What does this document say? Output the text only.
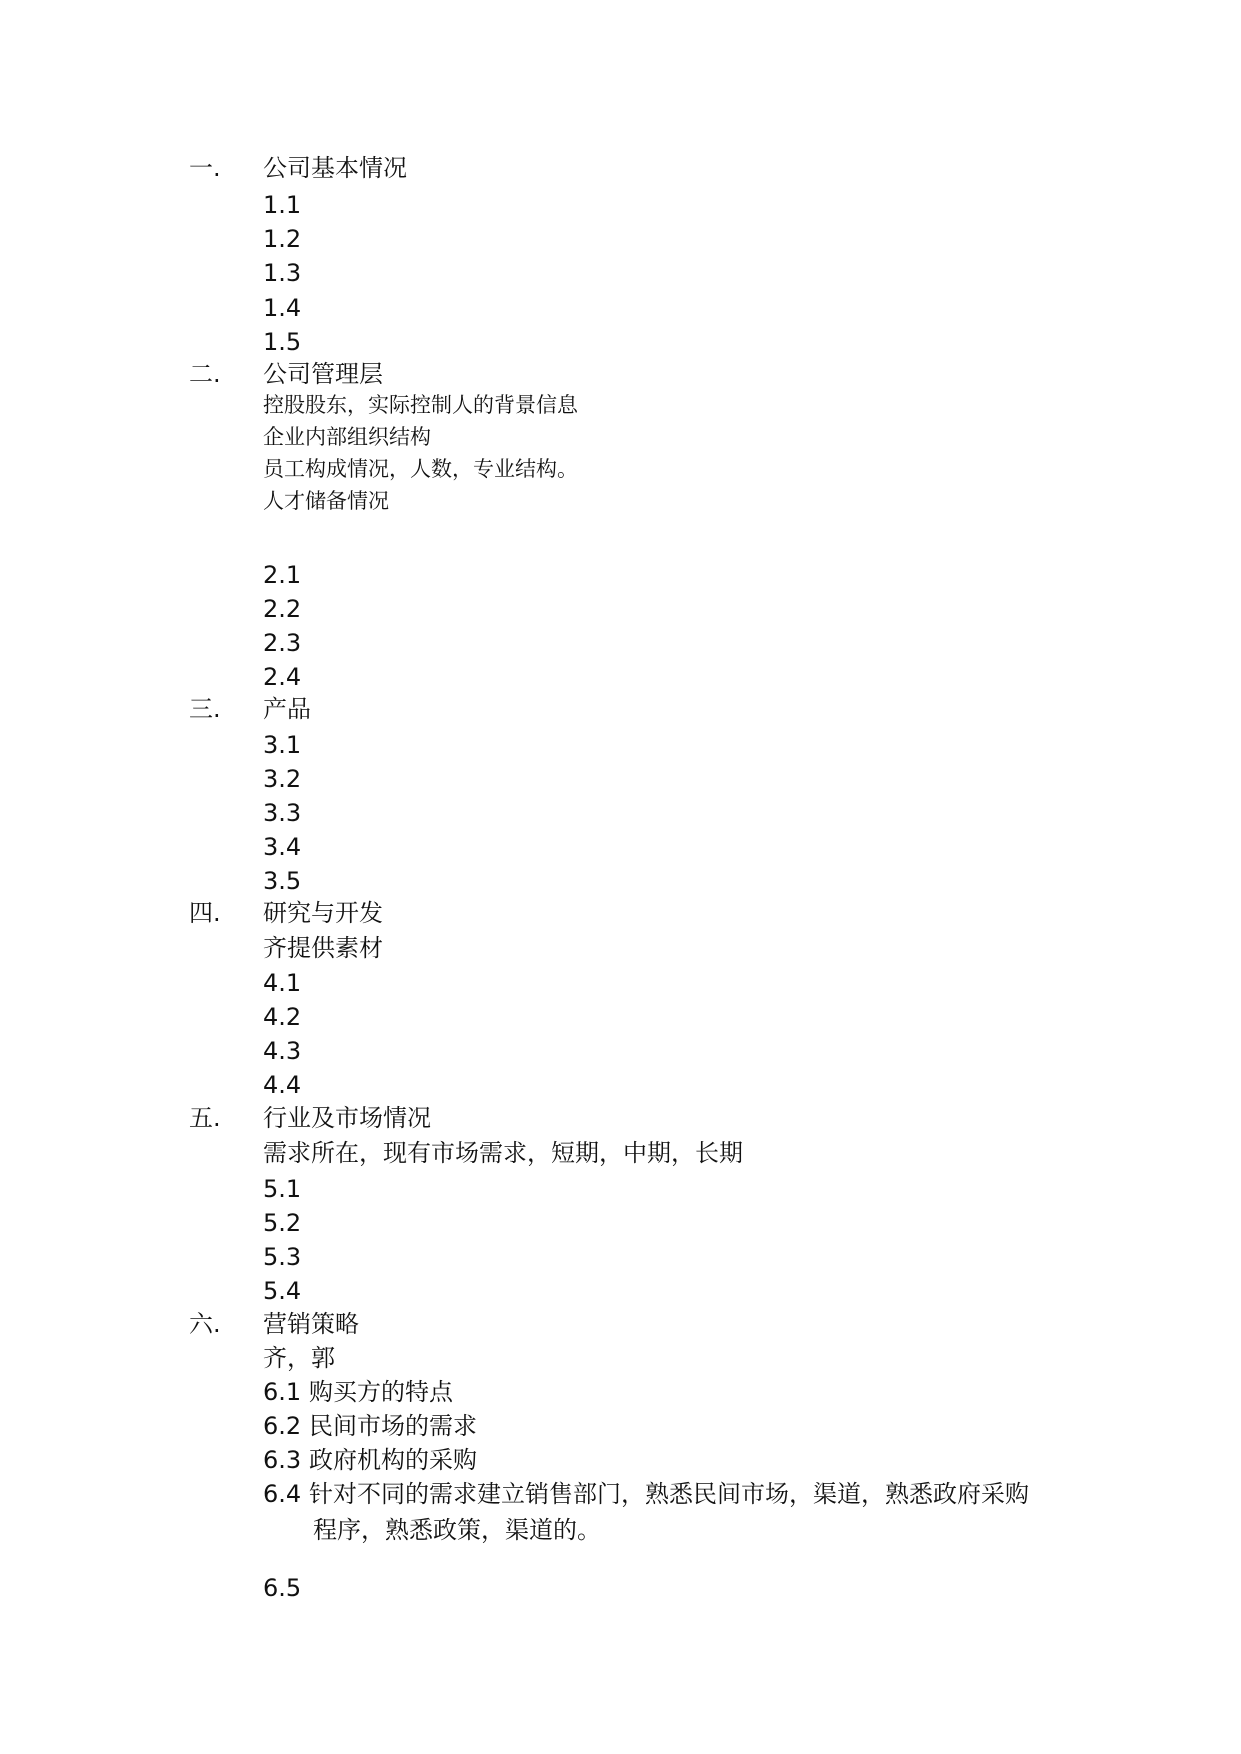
一. 公司基本情况
1.1
1.2
1.3
1.4
1.5
二. 公司管理层
控股股东，实际控制人的背景信息
企业内部组织结构
员工构成情况，人数，专业结构。
人才储备情况
2.1
2.2
2.3
2.4
三. 产品
3.1
3.2
3.3
3.4
3.5
四. 研究与开发
齐提供素材
4.1
4.2
4.3
4.4
五. 行业及市场情况
需求所在，现有市场需求，短期，中期，长期
5.1
5.2
5.3
5.4
六. 营销策略
齐，郭
6.1 购买方的特点
6.2 民间市场的需求
6.3 政府机构的采购
6.4 针对不同的需求建立销售部门，熟悉民间市场，渠道，熟悉政府采购
程序，熟悉政策，渠道的。
6.5
